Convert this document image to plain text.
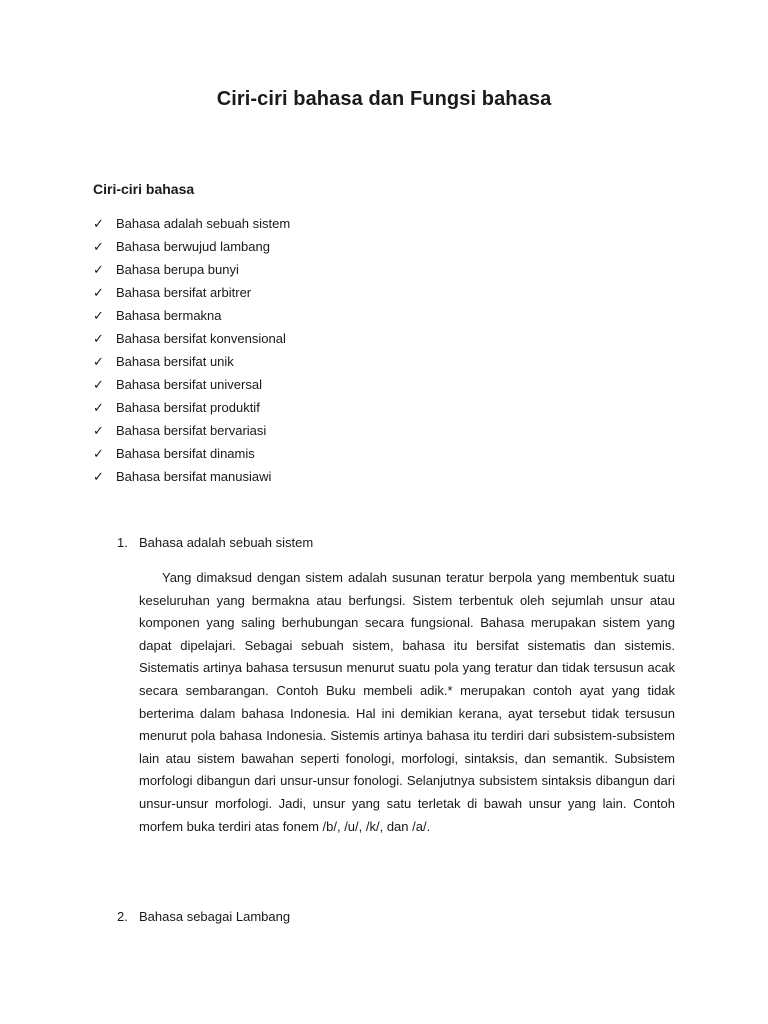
Ciri-ciri bahasa dan Fungsi bahasa
Ciri-ciri bahasa
✓ Bahasa adalah sebuah sistem
✓ Bahasa berwujud lambang
✓ Bahasa berupa bunyi
✓ Bahasa bersifat arbitrer
✓ Bahasa bermakna
✓ Bahasa bersifat konvensional
✓ Bahasa bersifat unik
✓ Bahasa bersifat universal
✓ Bahasa bersifat produktif
✓ Bahasa bersifat bervariasi
✓ Bahasa bersifat dinamis
✓ Bahasa bersifat manusiawi

1. Bahasa adalah sebuah sistem

Yang dimaksud dengan sistem adalah susunan teratur berpola yang membentuk suatu keseluruhan yang bermakna atau berfungsi. Sistem terbentuk oleh sejumlah unsur atau komponen yang saling berhubungan secara fungsional. Bahasa merupakan sistem yang dapat dipelajari. Sebagai sebuah sistem, bahasa itu bersifat sistematis dan sistemis. Sistematis artinya bahasa tersusun menurut suatu pola yang teratur dan tidak tersusun acak secara sembarangan. Contoh Buku membeli adik.* merupakan contoh ayat yang tidak berterima dalam bahasa Indonesia. Hal ini demikian kerana, ayat tersebut tidak tersusun menurut pola bahasa Indonesia. Sistemis artinya bahasa itu terdiri dari subsistem-subsistem lain atau sistem bawahan seperti fonologi, morfologi, sintaksis, dan semantik. Subsistem morfologi dibangun dari unsur-unsur fonologi. Selanjutnya subsistem sintaksis dibangun dari unsur-unsur morfologi. Jadi, unsur yang satu terletak di bawah unsur yang lain. Contoh morfem buka terdiri atas fonem /b/, /u/, /k/, dan /a/.

2. Bahasa sebagai Lambang
